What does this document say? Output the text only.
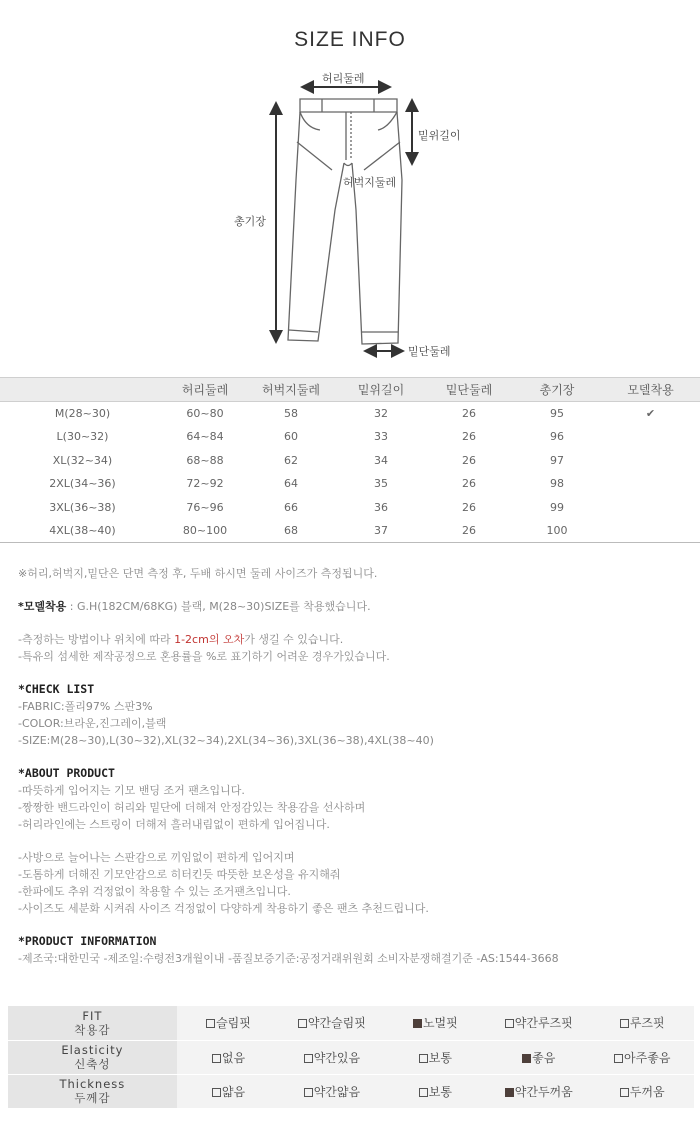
SIZE INFO
허리둘레
밑위길이
허벅지둘레
총기장
밑단둘레
	허리둘레	허벅지둘레	밑위길이	밑단둘레	총기장	모델착용
M(28~30)	60~80	58	32	26	95	✔
L(30~32)	64~84	60	33	26	96	
XL(32~34)	68~88	62	34	26	97	
2XL(34~36)	72~92	64	35	26	98	
3XL(36~38)	76~96	66	36	26	99	
4XL(38~40)	80~100	68	37	26	100	

※허리,허벅지,밑단은 단면 측정 후, 두배 하시면 둘레 사이즈가 측정됩니다.

*모델착용 : G.H(182CM/68KG) 블랙, M(28~30)SIZE를 착용했습니다.

-측정하는 방법이나 위치에 따라 1-2cm의 오차가 생길 수 있습니다.

-특유의 섬세한 제작공정으로 혼용률을 %로 표기하기 어려운 경우가있습니다.

*CHECK LIST

-FABRIC:폴리97% 스판3%

-COLOR:브라운,진그레이,블랙

-SIZE:M(28~30),L(30~32),XL(32~34),2XL(34~36),3XL(36~38),4XL(38~40)

*ABOUT PRODUCT

-따뜻하게 입어지는 기모 밴딩 조거 팬츠입니다.

-짱짱한 밴드라인이 허리와 밑단에 더해져 안정감있는 착용감을 선사하며

-허리라인에는 스트링이 더해져 흘러내림없이 편하게 입어집니다.

-사방으로 늘어나는 스판감으로 끼임없이 편하게 입어지며

-도톰하게 더해진 기모안감으로 히터킨듯 따뜻한 보온성을 유지해줘

-한파에도 추위 걱정없이 착용할 수 있는 조거팬츠입니다.

-사이즈도 세분화 시켜줘 사이즈 걱정없이 다양하게 착용하기 좋은 팬츠 추천드립니다.

*PRODUCT INFORMATION

-제조국:대한민국 -제조일:수령전3개월이내 -품질보증기준:공정거래위원회 소비자분쟁해결기준 -AS:1544-3668

FIT
착용감	슬림핏	약간슬림핏	노멀핏	약간루즈핏	루즈핏

Elasticity
신축성	없음	약간있음	보통	좋음	아주좋음

Thickness
두께감	얇음	약간얇음	보통	약간두꺼움	두꺼움
